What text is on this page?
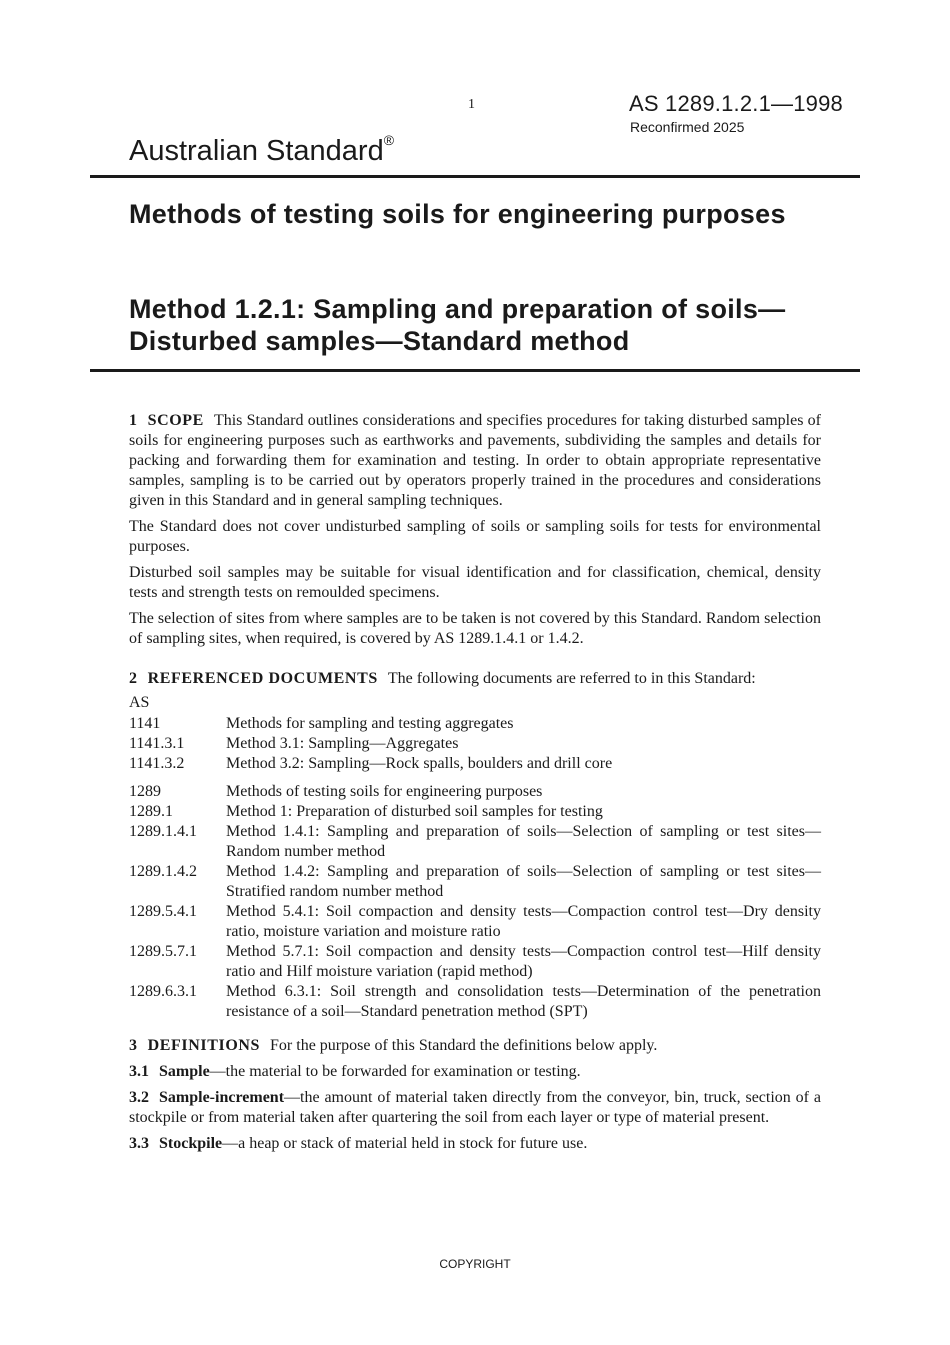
1	AS 1289.1.2.1—1998
Reconfirmed 2025
Australian Standard®
Methods of testing soils for engineering purposes
Method 1.2.1: Sampling and preparation of soils—Disturbed samples—Standard method

1 SCOPE This Standard outlines considerations and specifies procedures for taking disturbed samples of soils for engineering purposes such as earthworks and pavements, subdividing the samples and details for packing and forwarding them for examination and testing. In order to obtain appropriate representative samples, sampling is to be carried out by operators properly trained in the procedures and considerations given in this Standard and in general sampling techniques.

The Standard does not cover undisturbed sampling of soils or sampling soils for tests for environmental purposes.

Disturbed soil samples may be suitable for visual identification and for classification, chemical, density tests and strength tests on remoulded specimens.

The selection of sites from where samples are to be taken is not covered by this Standard. Random selection of sampling sites, when required, is covered by AS 1289.1.4.1 or 1.4.2.

2 REFERENCED DOCUMENTS The following documents are referred to in this Standard:

AS
1141	Methods for sampling and testing aggregates
1141.3.1	Method 3.1: Sampling—Aggregates
1141.3.2	Method 3.2: Sampling—Rock spalls, boulders and drill core
1289	Methods of testing soils for engineering purposes
1289.1	Method 1: Preparation of disturbed soil samples for testing
1289.1.4.1	Method 1.4.1: Sampling and preparation of soils—Selection of sampling or test sites—Random number method
1289.1.4.2	Method 1.4.2: Sampling and preparation of soils—Selection of sampling or test sites—Stratified random number method
1289.5.4.1	Method 5.4.1: Soil compaction and density tests—Compaction control test—Dry density ratio, moisture variation and moisture ratio
1289.5.7.1	Method 5.7.1: Soil compaction and density tests—Compaction control test—Hilf density ratio and Hilf moisture variation (rapid method)
1289.6.3.1	Method 6.3.1: Soil strength and consolidation tests—Determination of the penetration resistance of a soil—Standard penetration method (SPT)

3 DEFINITIONS For the purpose of this Standard the definitions below apply.

3.1 Sample—the material to be forwarded for examination or testing.

3.2 Sample-increment—the amount of material taken directly from the conveyor, bin, truck, section of a stockpile or from material taken after quartering the soil from each layer or type of material present.

3.3 Stockpile—a heap or stack of material held in stock for future use.

COPYRIGHT
